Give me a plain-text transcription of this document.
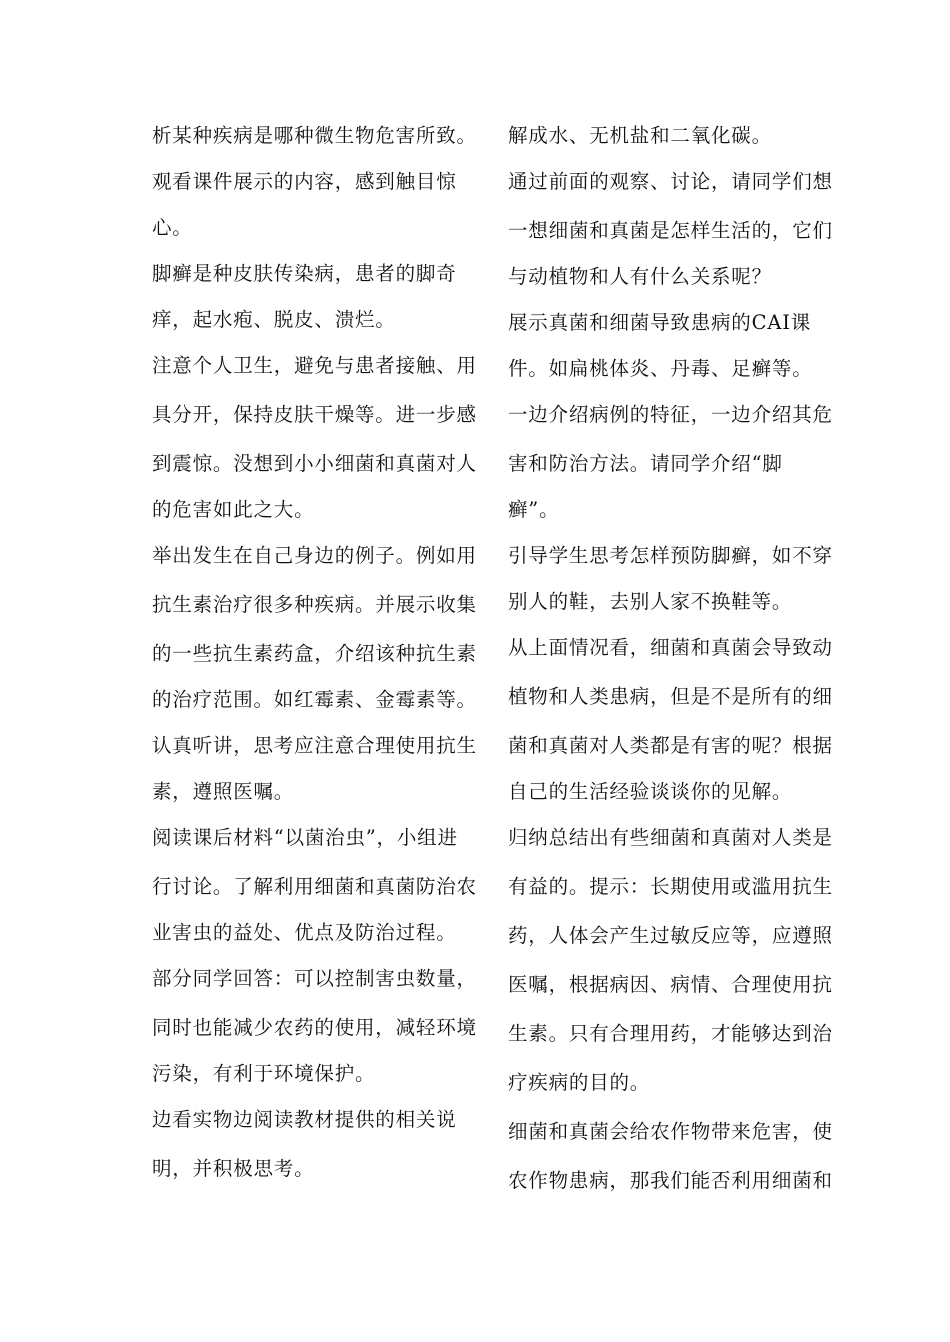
析某种疾病是哪种微生物危害所致。
观看课件展示的内容，感到触目惊
心。
脚癣是种皮肤传染病，患者的脚奇
痒，起水疱、脱皮、溃烂。
注意个人卫生，避免与患者接触、用
具分开，保持皮肤干燥等。进一步感
到震惊。没想到小小细菌和真菌对人
的危害如此之大。
举出发生在自己身边的例子。例如用
抗生素治疗很多种疾病。并展示收集
的一些抗生素药盒，介绍该种抗生素
的治疗范围。如红霉素、金霉素等。
认真听讲，思考应注意合理使用抗生
素，遵照医嘱。
阅读课后材料“以菌治虫”，小组进
行讨论。了解利用细菌和真菌防治农
业害虫的益处、优点及防治过程。
部分同学回答：可以控制害虫数量，
同时也能减少农药的使用，减轻环境
污染，有利于环境保护。
边看实物边阅读教材提供的相关说
明，并积极思考。
解成水、无机盐和二氧化碳。
通过前面的观察、讨论，请同学们想
一想细菌和真菌是怎样生活的，它们
与动植物和人有什么关系呢？
展示真菌和细菌导致患病的CAI课
件。如扁桃体炎、丹毒、足癣等。
一边介绍病例的特征，一边介绍其危
害和防治方法。请同学介绍“脚
癣”。
引导学生思考怎样预防脚癣，如不穿
别人的鞋，去别人家不换鞋等。
从上面情况看，细菌和真菌会导致动
植物和人类患病，但是不是所有的细
菌和真菌对人类都是有害的呢？根据
自己的生活经验谈谈你的见解。
归纳总结出有些细菌和真菌对人类是
有益的。提示：长期使用或滥用抗生
药，人体会产生过敏反应等，应遵照
医嘱，根据病因、病情、合理使用抗
生素。只有合理用药，才能够达到治
疗疾病的目的。
细菌和真菌会给农作物带来危害，使
农作物患病，那我们能否利用细菌和
